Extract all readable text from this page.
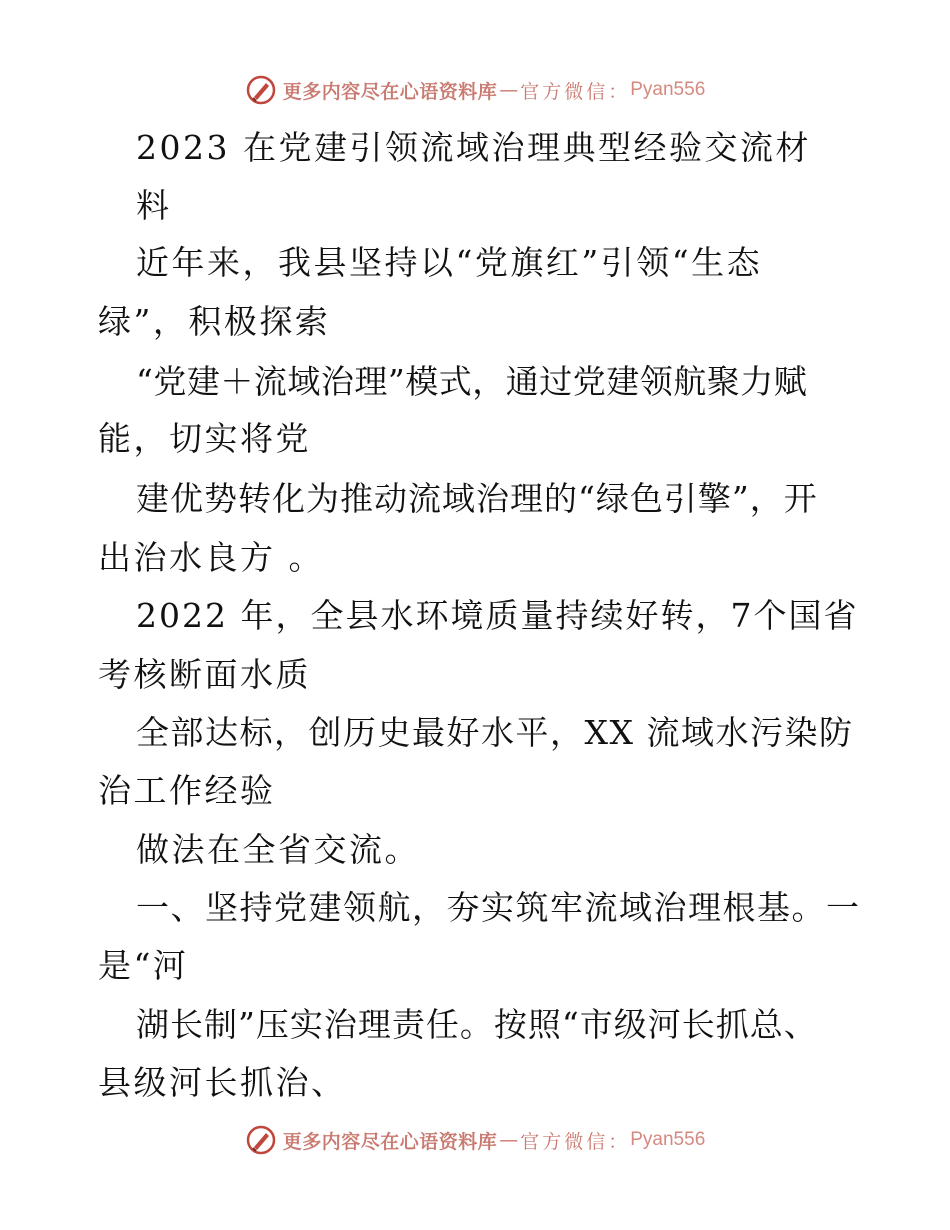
更多内容尽在心语资料库 — 官方微信： Pyan556
2023 在党建引领流域治理典型经验交流材
料
近年来，我县坚持以“党旗红”引领“生态
绿”，积极探索
“党建＋流域治理”模式，通过党建领航聚力赋
能，切实将党
建优势转化为推动流域治理的“绿色引擎”，开
出治水良方 。
2022 年，全县水环境质量持续好转，7个国省
考核断面水质
全部达标，创历史最好水平，XX 流域水污染防
治工作经验
做法在全省交流。
一、坚持党建领航，夯实筑牢流域治理根基。一
是“河
湖长制”压实治理责任。按照“市级河长抓总、
县级河长抓治、
更多内容尽在心语资料库 — 官方微信： Pyan556
